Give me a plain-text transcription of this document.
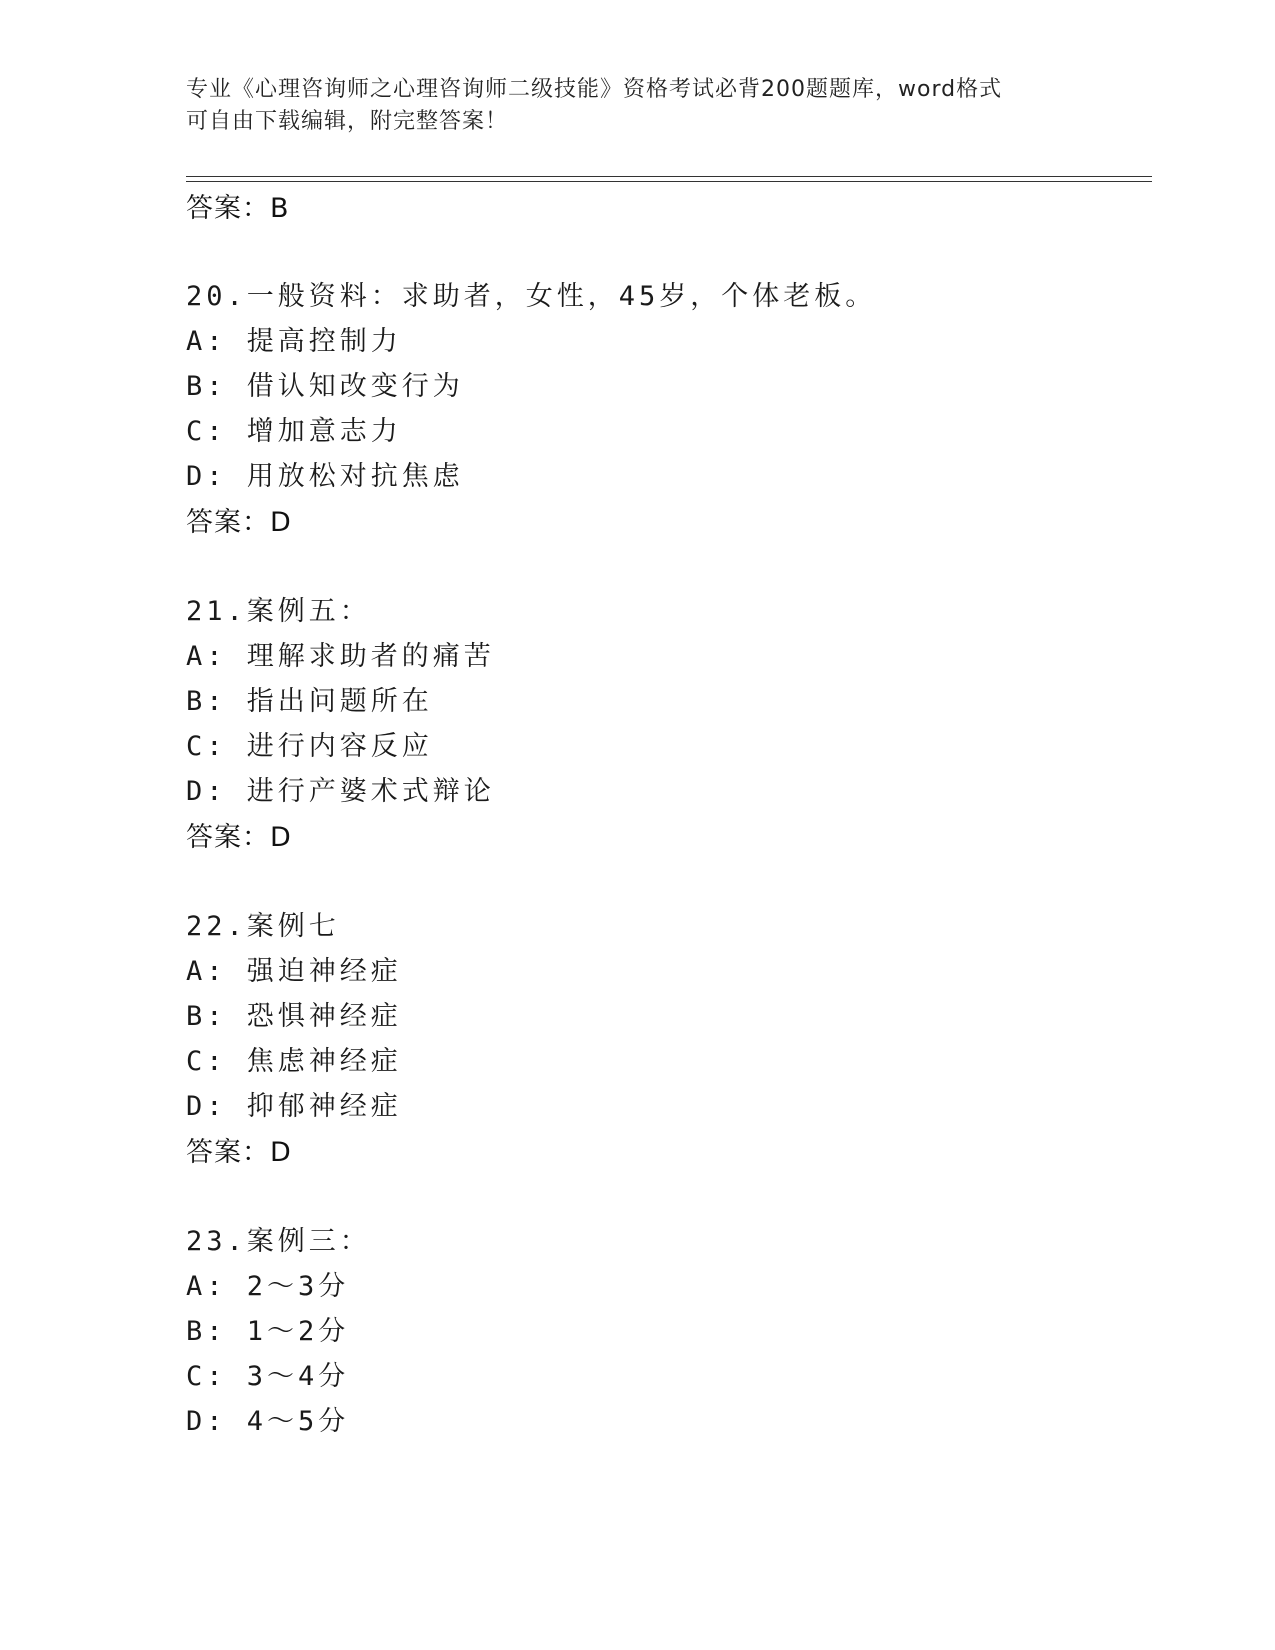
专业《心理咨询师之心理咨询师二级技能》资格考试必背200题题库，word格式
可自由下载编辑，附完整答案！
答案：B
20.一般资料：求助者，女性，45岁，个体老板。
A: 提高控制力
B: 借认知改变行为
C: 增加意志力
D: 用放松对抗焦虑
答案：D
21.案例五：
A: 理解求助者的痛苦
B: 指出问题所在
C: 进行内容反应
D: 进行产婆术式辩论
答案：D
22.案例七
A: 强迫神经症
B: 恐惧神经症
C: 焦虑神经症
D: 抑郁神经症
答案：D
23.案例三：
A: 2～3分
B: 1～2分
C: 3～4分
D: 4～5分
